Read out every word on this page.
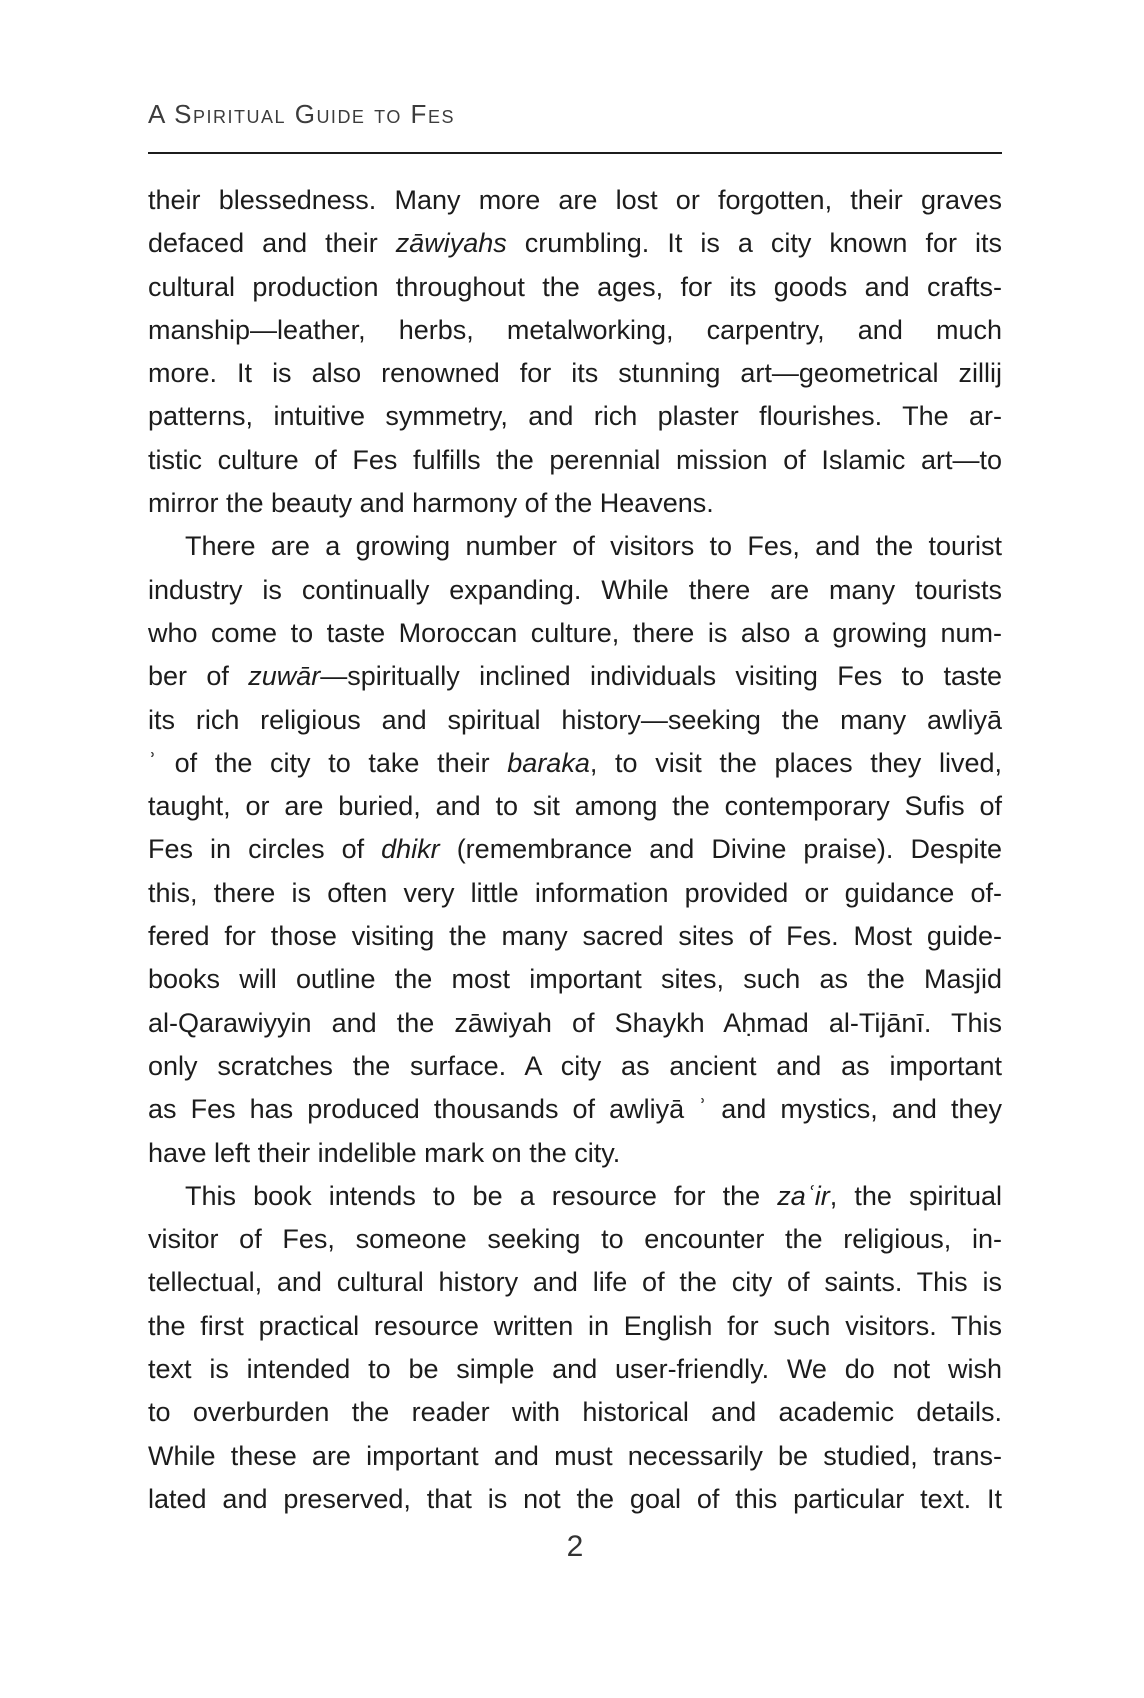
A Spiritual Guide to Fes
their blessedness. Many more are lost or forgotten, their graves
defaced and their zāwiyahs crumbling. It is a city known for its
cultural production throughout the ages, for its goods and crafts-
manship—leather, herbs, metalworking, carpentry, and much
more. It is also renowned for its stunning art—geometrical zillij
patterns, intuitive symmetry, and rich plaster flourishes. The ar-
tistic culture of Fes fulfills the perennial mission of Islamic art—to
mirror the beauty and harmony of the Heavens.
There are a growing number of visitors to Fes, and the tourist
industry is continually expanding. While there are many tourists
who come to taste Moroccan culture, there is also a growing num-
ber of zuwār—spiritually inclined individuals visiting Fes to taste
its rich religious and spiritual history—seeking the many awliyā
ʾ of the city to take their baraka, to visit the places they lived,
taught, or are buried, and to sit among the contemporary Sufis of
Fes in circles of dhikr (remembrance and Divine praise). Despite
this, there is often very little information provided or guidance of-
fered for those visiting the many sacred sites of Fes. Most guide-
books will outline the most important sites, such as the Masjid
al-Qarawiyyin and the zāwiyah of Shaykh Aḥmad al-Tijānī. This
only scratches the surface. A city as ancient and as important
as Fes has produced thousands of awliyā ʾ and mystics, and they
have left their indelible mark on the city.
This book intends to be a resource for the zaʿir, the spiritual
visitor of Fes, someone seeking to encounter the religious, in-
tellectual, and cultural history and life of the city of saints. This is
the first practical resource written in English for such visitors. This
text is intended to be simple and user-friendly. We do not wish
to overburden the reader with historical and academic details.
While these are important and must necessarily be studied, trans-
lated and preserved, that is not the goal of this particular text. It
2
